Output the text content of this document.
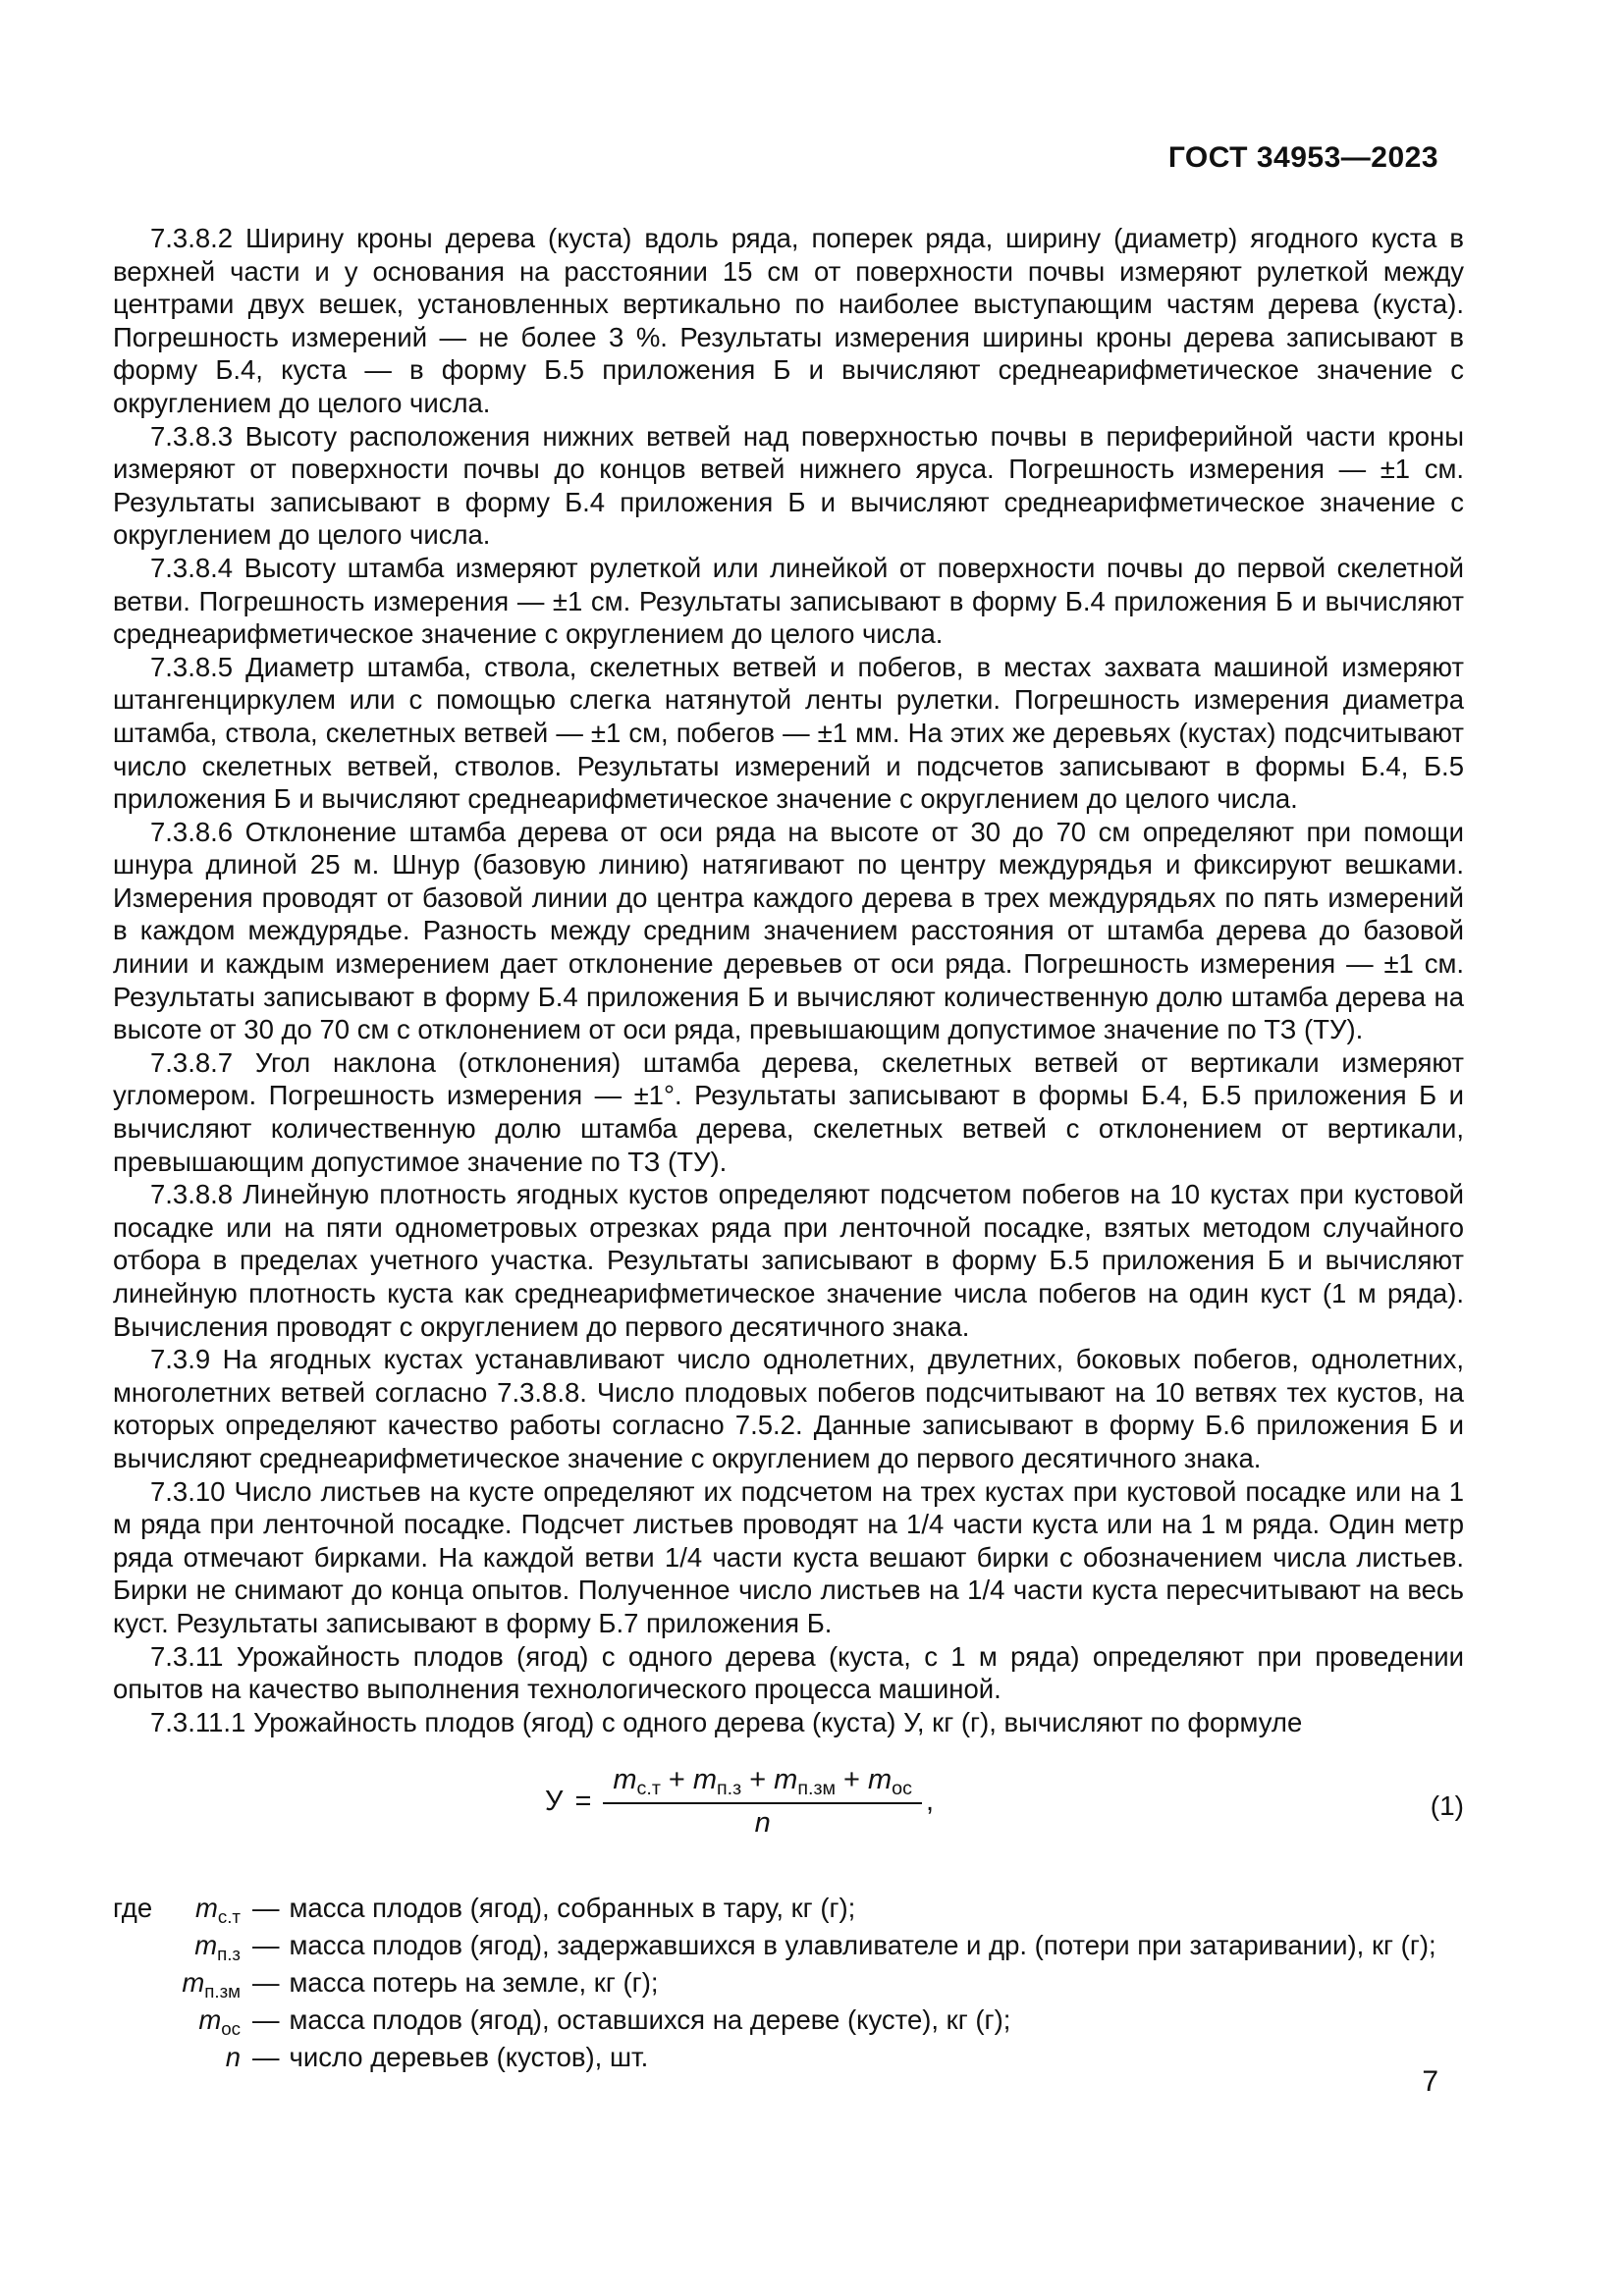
ГОСТ 34953—2023

7.3.8.2 Ширину кроны дерева (куста) вдоль ряда, поперек ряда, ширину (диаметр) ягодного куста в верхней части и у основания на расстоянии 15 см от поверхности почвы измеряют рулеткой между центрами двух вешек, установленных вертикально по наиболее выступающим частям дерева (куста). Погрешность измерений — не более 3 %. Результаты измерения ширины кроны дерева записывают в форму Б.4, куста — в форму Б.5 приложения Б и вычисляют среднеарифметическое значение с округлением до целого числа.

7.3.8.3 Высоту расположения нижних ветвей над поверхностью почвы в периферийной части кроны измеряют от поверхности почвы до концов ветвей нижнего яруса. Погрешность измерения — ±1 см. Результаты записывают в форму Б.4 приложения Б и вычисляют среднеарифметическое значение с округлением до целого числа.

7.3.8.4 Высоту штамба измеряют рулеткой или линейкой от поверхности почвы до первой скелетной ветви. Погрешность измерения — ±1 см. Результаты записывают в форму Б.4 приложения Б и вычисляют среднеарифметическое значение с округлением до целого числа.

7.3.8.5 Диаметр штамба, ствола, скелетных ветвей и побегов, в местах захвата машиной измеряют штангенциркулем или с помощью слегка натянутой ленты рулетки. Погрешность измерения диаметра штамба, ствола, скелетных ветвей — ±1 см, побегов — ±1 мм. На этих же деревьях (кустах) подсчитывают число скелетных ветвей, стволов. Результаты измерений и подсчетов записывают в формы Б.4, Б.5 приложения Б и вычисляют среднеарифметическое значение с округлением до целого числа.

7.3.8.6 Отклонение штамба дерева от оси ряда на высоте от 30 до 70 см определяют при помощи шнура длиной 25 м. Шнур (базовую линию) натягивают по центру междурядья и фиксируют вешками. Измерения проводят от базовой линии до центра каждого дерева в трех междурядьях по пять измерений в каждом междурядье. Разность между средним значением расстояния от штамба дерева до базовой линии и каждым измерением дает отклонение деревьев от оси ряда. Погрешность измерения — ±1 см. Результаты записывают в форму Б.4 приложения Б и вычисляют количественную долю штамба дерева на высоте от 30 до 70 см с отклонением от оси ряда, превышающим допустимое значение по ТЗ (ТУ).

7.3.8.7 Угол наклона (отклонения) штамба дерева, скелетных ветвей от вертикали измеряют угломером. Погрешность измерения — ±1°. Результаты записывают в формы Б.4, Б.5 приложения Б и вычисляют количественную долю штамба дерева, скелетных ветвей с отклонением от вертикали, превышающим допустимое значение по ТЗ (ТУ).

7.3.8.8 Линейную плотность ягодных кустов определяют подсчетом побегов на 10 кустах при кустовой посадке или на пяти однометровых отрезках ряда при ленточной посадке, взятых методом случайного отбора в пределах учетного участка. Результаты записывают в форму Б.5 приложения Б и вычисляют линейную плотность куста как среднеарифметическое значение числа побегов на один куст (1 м ряда). Вычисления проводят с округлением до первого десятичного знака.

7.3.9 На ягодных кустах устанавливают число однолетних, двулетних, боковых побегов, однолетних, многолетних ветвей согласно 7.3.8.8. Число плодовых побегов подсчитывают на 10 ветвях тех кустов, на которых определяют качество работы согласно 7.5.2. Данные записывают в форму Б.6 приложения Б и вычисляют среднеарифметическое значение с округлением до первого десятичного знака.

7.3.10 Число листьев на кусте определяют их подсчетом на трех кустах при кустовой посадке или на 1 м ряда при ленточной посадке. Подсчет листьев проводят на 1/4 части куста или на 1 м ряда. Один метр ряда отмечают бирками. На каждой ветви 1/4 части куста вешают бирки с обозначением числа листьев. Бирки не снимают до конца опытов. Полученное число листьев на 1/4 части куста пересчитывают на весь куст. Результаты записывают в форму Б.7 приложения Б.

7.3.11 Урожайность плодов (ягод) с одного дерева (куста, с 1 м ряда) определяют при проведении опытов на качество выполнения технологического процесса машиной.

7.3.11.1 Урожайность плодов (ягод) с одного дерева (куста) У, кг (г), вычисляют по формуле

$У = \frac{m_{с.т} + m_{п.з} + m_{п.зм} + m_{ос}}{n}$ ,	(1)
где	$m_{с.т}$ — масса плодов (ягод), собранных в тару, кг (г);
$m_{п.з}$ — масса плодов (ягод), задержавшихся в улавливателе и др. (потери при затаривании), кг (г);
$m_{п.зм}$ — масса потерь на земле, кг (г);
$m_{ос}$ — масса плодов (ягод), оставшихся на дереве (кусте), кг (г);
n — число деревьев (кустов), шт.
7
